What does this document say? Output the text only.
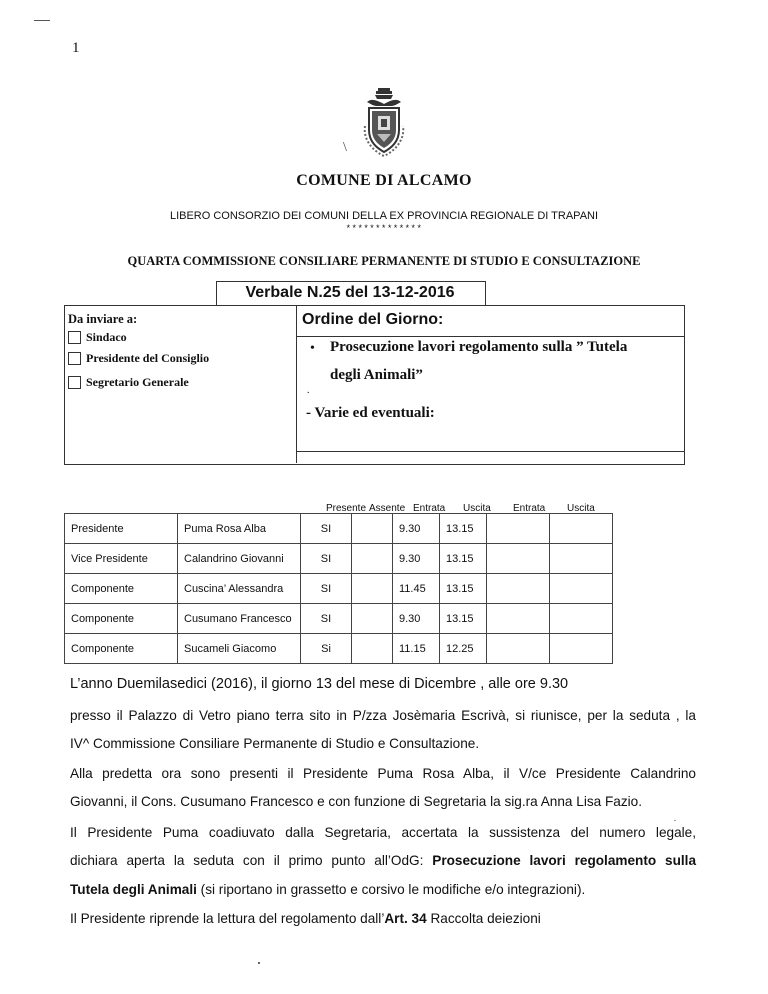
1
\
COMUNE DI ALCAMO
LIBERO CONSORZIO DEI COMUNI DELLA EX PROVINCIA REGIONALE DI TRAPANI
*************
QUARTA COMMISSIONE CONSILIARE PERMANENTE DI STUDIO E CONSULTAZIONE
Verbale N.25 del 13-12-2016
Da inviare a:
Sindaco
Presidente del Consiglio
Segretario Generale
Ordine del Giorno:
• Prosecuzione lavori regolamento sulla ” Tutela
degli Animali”
.
- Varie ed eventuali:
Presente Assente Entrata Uscita Entrata Uscita
Presidente	Puma Rosa Alba	SI		9.30	13.15		
Vice Presidente	Calandrino Giovanni	SI		9.30	13.15		
Componente	Cuscina’ Alessandra	SI		11.45	13.15		
Componente	Cusumano Francesco	SI		9.30	13.15		
Componente	Sucameli Giacomo	Si		11.15	12.25		
L’anno Duemilasedici (2016), il giorno 13 del mese di Dicembre , alle ore 9.30
presso il Palazzo di Vetro piano terra sito in P/zza Josèmaria Escrivà, si riunisce, per la seduta , la
IV^ Commissione Consiliare Permanente di Studio e Consultazione.
Alla predetta ora sono presenti il Presidente Puma Rosa Alba, il V/ce Presidente Calandrino
Giovanni, il Cons. Cusumano Francesco e con funzione di Segretaria la sig.ra Anna Lisa Fazio.
Il Presidente Puma coadiuvato dalla Segretaria, accertata la sussistenza del numero legale,
dichiara aperta la seduta con il primo punto all’OdG: Prosecuzione lavori regolamento sulla
Tutela degli Animali (si riportano in grassetto e corsivo le modifiche e/o integrazioni).
Il Presidente riprende la lettura del regolamento dall’Art. 34 Raccolta deiezioni
